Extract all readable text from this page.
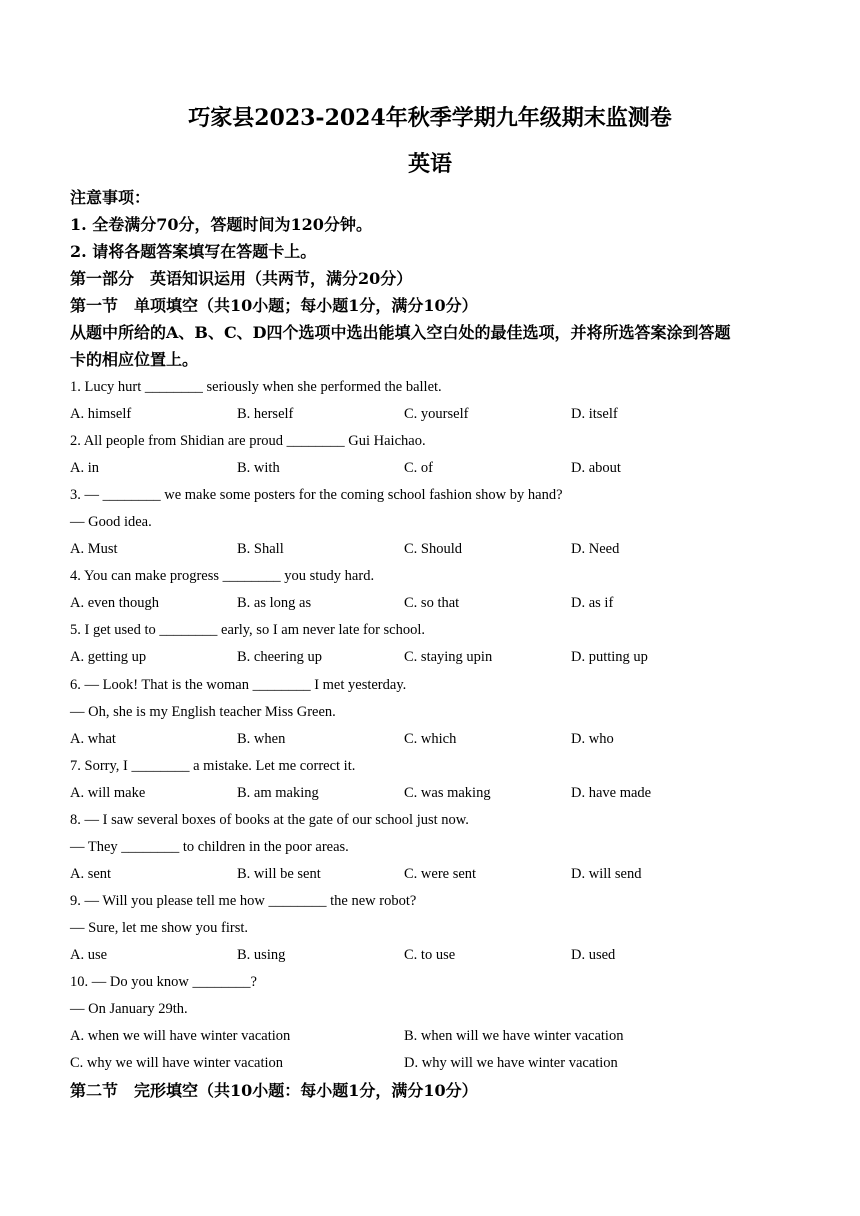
巧家县2023-2024年秋季学期九年级期末监测卷
英语
注意事项：
1. 全卷满分70分，答题时间为120分钟。
2. 请将各题答案填写在答题卡上。
第一部分　英语知识运用（共两节，满分20分）
第一节　单项填空（共10小题；每小题1分，满分10分）
从题中所给的A、B、C、D四个选项中选出能填入空白处的最佳选项，并将所选答案涂到答题
卡的相应位置上。
1. Lucy hurt ________ seriously when she performed the ballet.
A. himself	B. herself	C. yourself	D. itself
2. All people from Shidian are proud ________ Gui Haichao.
A. in	B. with	C. of	D. about
3. — ________ we make some posters for the coming school fashion show by hand?
— Good idea.
A. Must	B. Shall	C. Should	D. Need
4. You can make progress ________ you study hard.
A. even though	B. as long as	C. so that	D. as if
5. I get used to ________ early, so I am never late for school.
A. getting up	B. cheering up	C. staying upin	D. putting up
6. — Look! That is the woman ________ I met yesterday.
— Oh, she is my English teacher Miss Green.
A. what	B. when	C. which	D. who
7. Sorry, I ________ a mistake. Let me correct it.
A. will make	B. am making	C. was making	D. have made
8. — I saw several boxes of books at the gate of our school just now.
— They ________ to children in the poor areas.
A. sent	B. will be sent	C. were sent	D. will send
9. — Will you please tell me how ________ the new robot?
— Sure, let me show you first.
A. use	B. using	C. to use	D. used
10. — Do you know ________?
— On January 29th.
A. when we will have winter vacation	B. when will we have winter vacation
C. why we will have winter vacation	D. why will we have winter vacation
第二节　完形填空（共10小题：每小题1分，满分10分）
